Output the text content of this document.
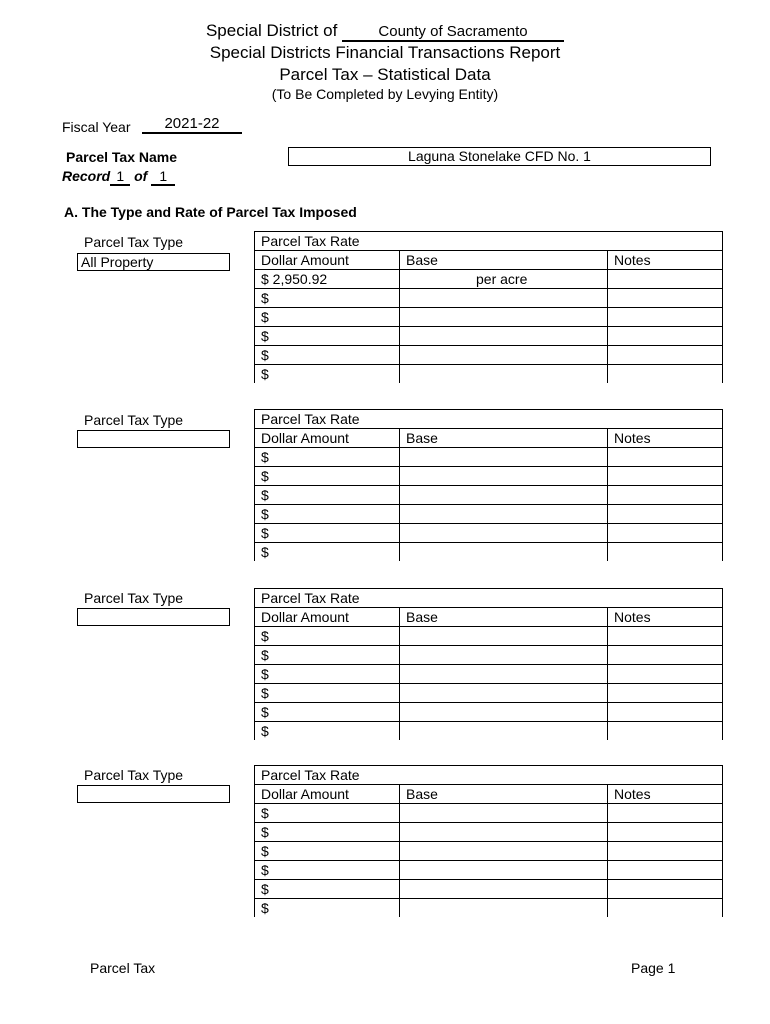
Special District of	County of Sacramento
Special Districts Financial Transactions Report
Parcel Tax – Statistical Data
(To Be Completed by Levying Entity)
Fiscal Year	2021-22
Parcel Tax Name	Laguna Stonelake CFD No. 1
Record 1 of 1
A. The Type and Rate of Parcel Tax Imposed
Parcel Tax Type
All Property
Parcel Tax Rate		
Dollar Amount	Base	Notes
$ 2,950.92	per acre	
$		
$		
$		
$		
$		
Parcel Tax Type	Parcel Tax Rate		
Dollar Amount	Base	Notes
$		
$		
$		
$		
$		
$		
Parcel Tax Type	Parcel Tax Rate		
Dollar Amount	Base	Notes
$		
$		
$		
$		
$		
$		
Parcel Tax Type	Parcel Tax Rate		
Dollar Amount	Base	Notes
$		
$		
$		
$		
$		
$		
Parcel Tax	Page 1
